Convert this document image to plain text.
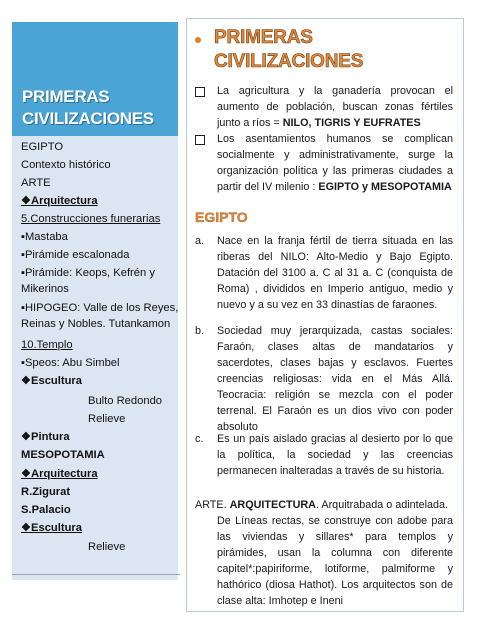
PRIMERAS
CIVILIZACIONES
EGIPTO
Contexto histórico
ARTE
❖Arquitectura
5.Construcciones funerarias
▪Mastaba
▪Pirámide escalonada
▪Pirámide: Keops, Kefrén y Mikerinos
▪HIPOGEO: Valle de los Reyes, Reinas y Nobles. Tutankamon
10.Templo
▪Speos: Abu Simbel
❖Escultura
Bulto Redondo
Relieve
❖Pintura
MESOPOTAMIA
❖Arquitectura
R.Zigurat
S.Palacio
❖Escultura
Relieve
PRIMERAS
CIVILIZACIONES
La agricultura y la ganadería provocan el aumento de población, buscan zonas fértiles junto a ríos = NILO, TIGRIS Y EUFRATES
Los asentamientos humanos se complican socialmente y administrativamente, surge la organización política y las primeras ciudades a partir del IV milenio : EGIPTO y MESOPOTAMIA
EGIPTO
a.	Nace en la franja fértil de tierra situada en las riberas del NILO: Alto-Medio y Bajo Egipto. Datación del 3100 a. C al 31 a. C (conquista de Roma) , divididos en Imperio antiguo, medio y nuevo y a su vez en 33 dinastías de faraones.
b.	Sociedad muy jerarquizada, castas sociales: Faraón, clases altas de mandatarios y sacerdotes, clases bajas y esclavos. Fuertes creencias religiosas: vida en el Más Allá. Teocracia: religión se mezcla con el poder terrenal. El Faraón es un dios vivo con poder absoluto
c.	Es un país aislado gracias al desierto por lo que la política, la sociedad y las creencias permanecen inalteradas a través de su historia.
ARTE. ARQUITECTURA. Arquitrabada o adintelada.
De Líneas rectas, se construye con adobe para las viviendas y sillares* para templos y pirámides, usan la columna con diferente capitel*:papiriforme, lotiforme, palmiforme y hathórico (diosa Hathot). Los arquitectos son de clase alta: Imhotep e Ineni
